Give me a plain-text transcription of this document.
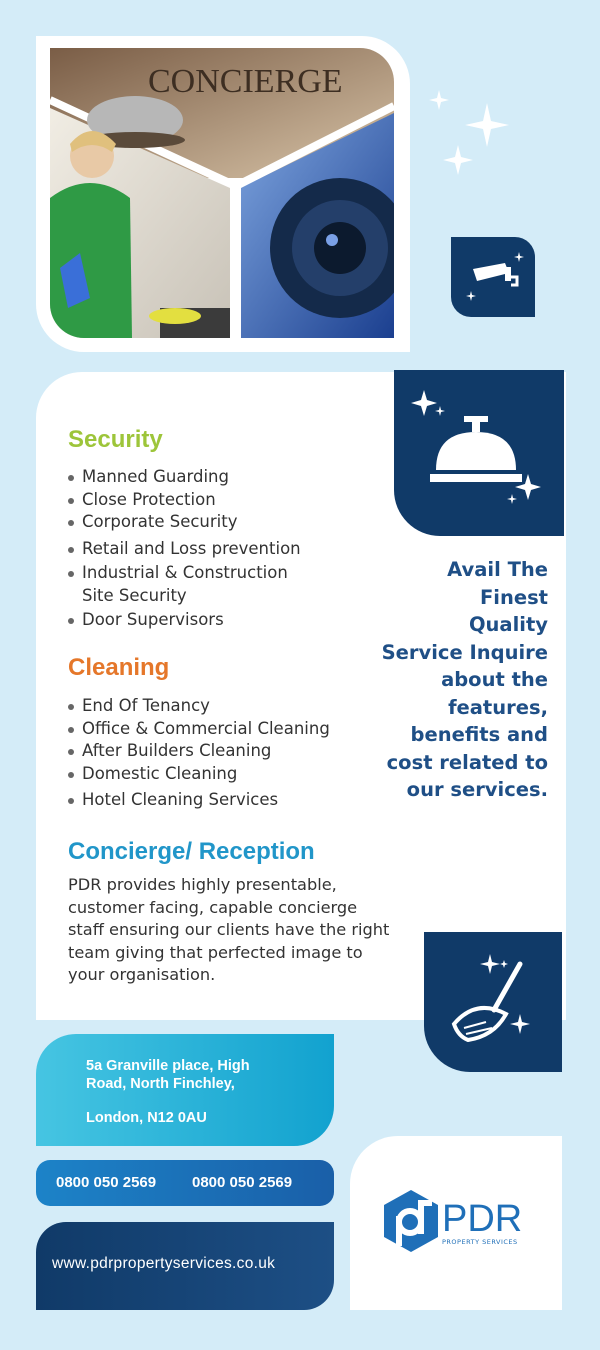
CONCIERGE
Security
Manned Guarding
Close Protection
Corporate Security
Retail and Loss prevention
Industrial & Construction
Site Security
Door Supervisors
Cleaning
End Of Tenancy
Office & Commercial Cleaning
After Builders Cleaning
Domestic Cleaning
Hotel Cleaning Services
Concierge/ Reception
PDR provides highly presentable, customer facing, capable concierge staff ensuring our clients have the right team giving that perfected image to your organisation.
Avail The Finest
Quality
Service Inquire
about the
features,
benefits and
cost related to
our services.
5a Granville place, High
Road, North Finchley,
London, N12 0AU
0800 050 2569 0800 050 2569
www.pdrpropertyservices.co.uk
PDR
PROPERTY SERVICES
